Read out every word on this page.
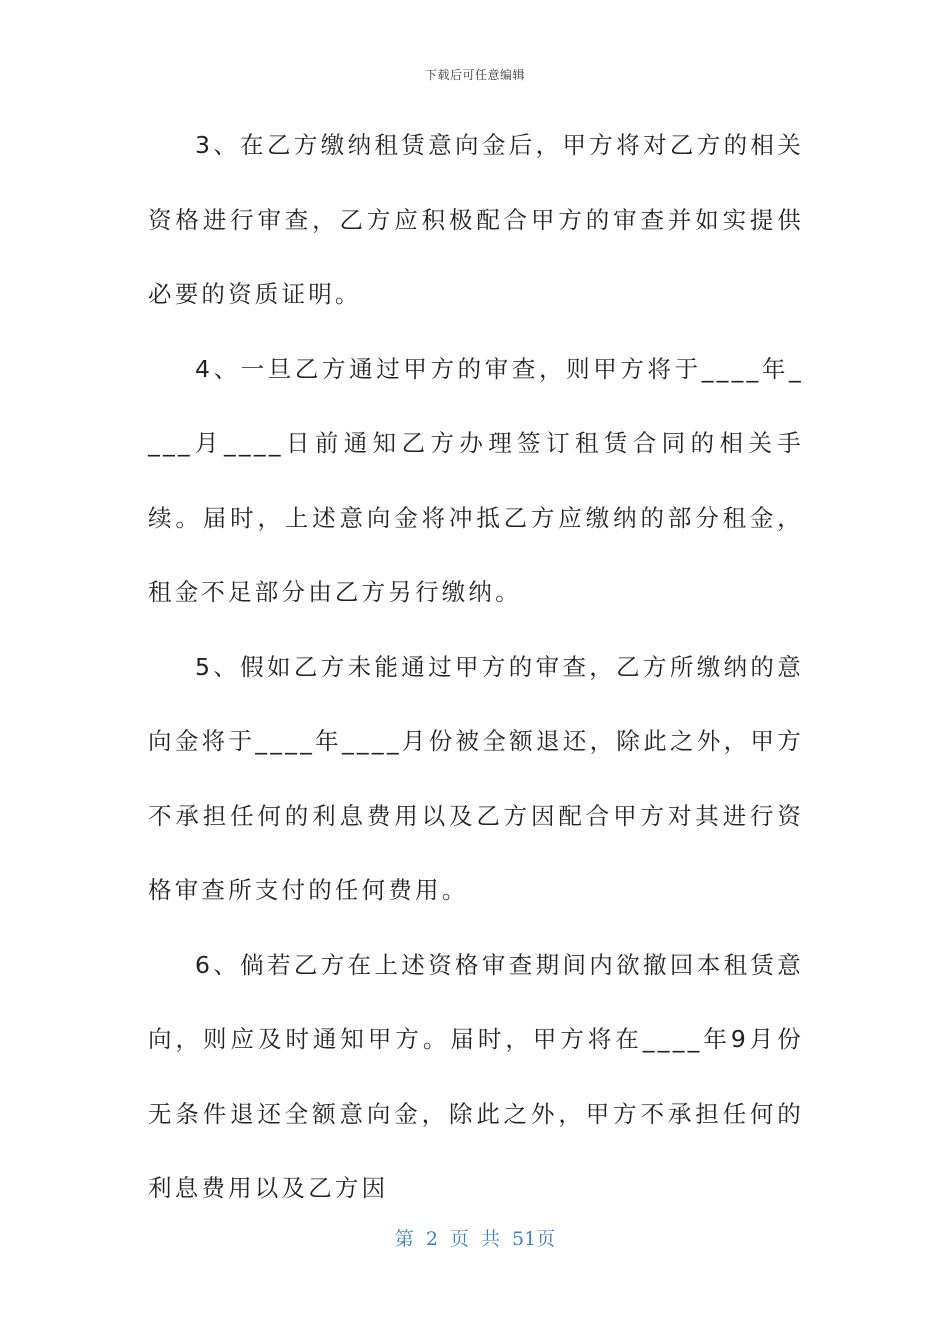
下载后可任意编辑

3、在乙方缴纳租赁意向金后，甲方将对乙方的相关资格进行审查，乙方应积极配合甲方的审查并如实提供必要的资质证明。

4、一旦乙方通过甲方的审查，则甲方将于____年____月____日前通知乙方办理签订租赁合同的相关手续。届时，上述意向金将冲抵乙方应缴纳的部分租金，租金不足部分由乙方另行缴纳。

5、假如乙方未能通过甲方的审查，乙方所缴纳的意向金将于____年____月份被全额退还，除此之外，甲方不承担任何的利息费用以及乙方因配合甲方对其进行资格审查所支付的任何费用。

6、倘若乙方在上述资格审查期间内欲撤回本租赁意向，则应及时通知甲方。届时，甲方将在____年9月份无条件退还全额意向金，除此之外，甲方不承担任何的利息费用以及乙方因

第 2 页 共 51页
